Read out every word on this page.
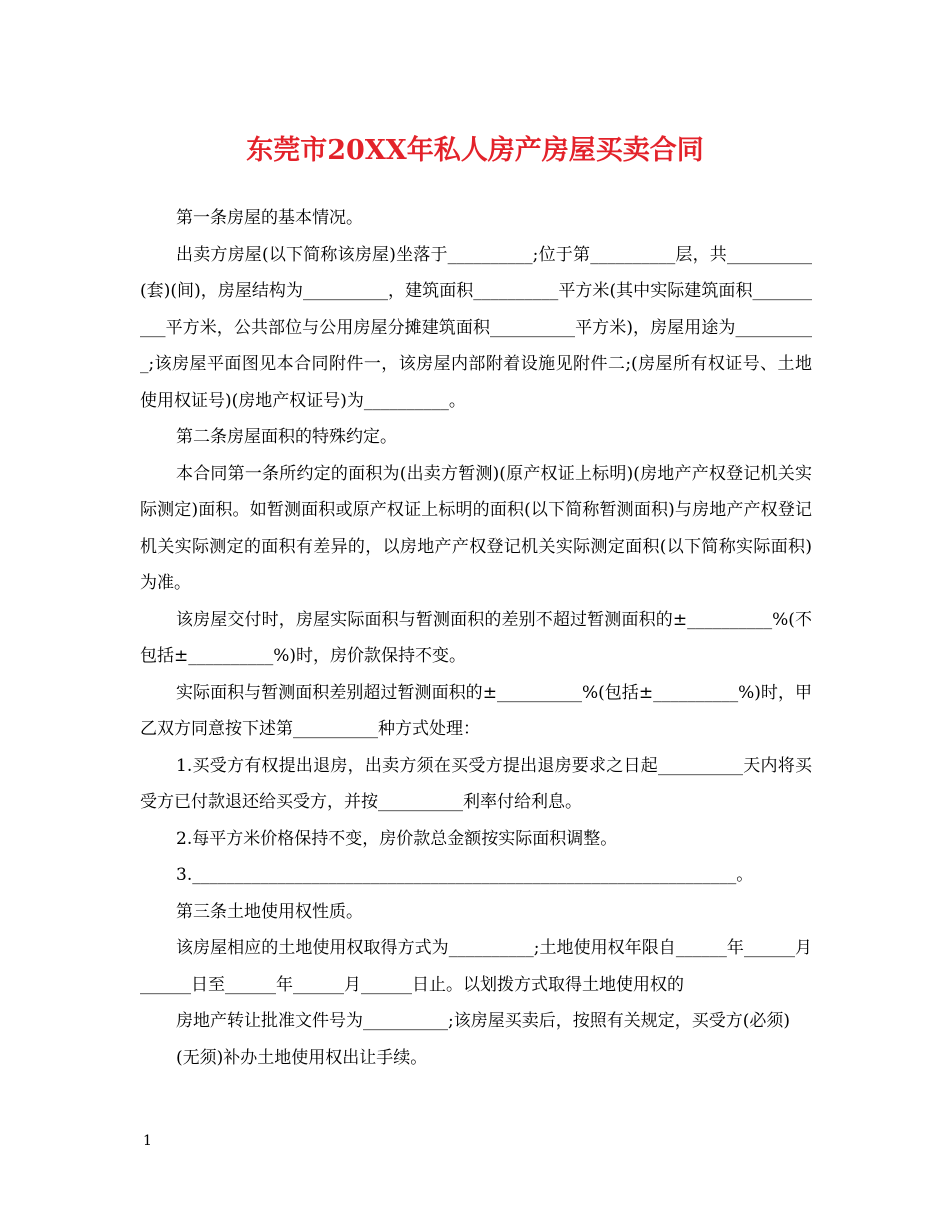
东莞市20XX年私人房产房屋买卖合同

第一条房屋的基本情况。

出卖方房屋(以下简称该房屋)坐落于__________;位于第__________层，共__________(套)(间)，房屋结构为__________，建筑面积__________平方米(其中实际建筑面积__________平方米，公共部位与公用房屋分摊建筑面积__________平方米)，房屋用途为__________;该房屋平面图见本合同附件一，该房屋内部附着设施见附件二;(房屋所有权证号、土地使用权证号)(房地产权证号)为__________。

第二条房屋面积的特殊约定。

本合同第一条所约定的面积为(出卖方暂测)(原产权证上标明)(房地产产权登记机关实际测定)面积。如暂测面积或原产权证上标明的面积(以下简称暂测面积)与房地产产权登记机关实际测定的面积有差异的，以房地产产权登记机关实际测定面积(以下简称实际面积)为准。

该房屋交付时，房屋实际面积与暂测面积的差别不超过暂测面积的±__________%(不包括±__________%)时，房价款保持不变。

实际面积与暂测面积差别超过暂测面积的±__________%(包括±__________%)时，甲乙双方同意按下述第__________种方式处理：

1.买受方有权提出退房，出卖方须在买受方提出退房要求之日起__________天内将买受方已付款退还给买受方，并按__________利率付给利息。

2.每平方米价格保持不变，房价款总金额按实际面积调整。

3.________________________________________________________________。

第三条土地使用权性质。

该房屋相应的土地使用权取得方式为__________;土地使用权年限自______年______月______日至______年______月______日止。以划拨方式取得土地使用权的

房地产转让批准文件号为__________;该房屋买卖后，按照有关规定，买受方(必须)

(无须)补办土地使用权出让手续。

1
